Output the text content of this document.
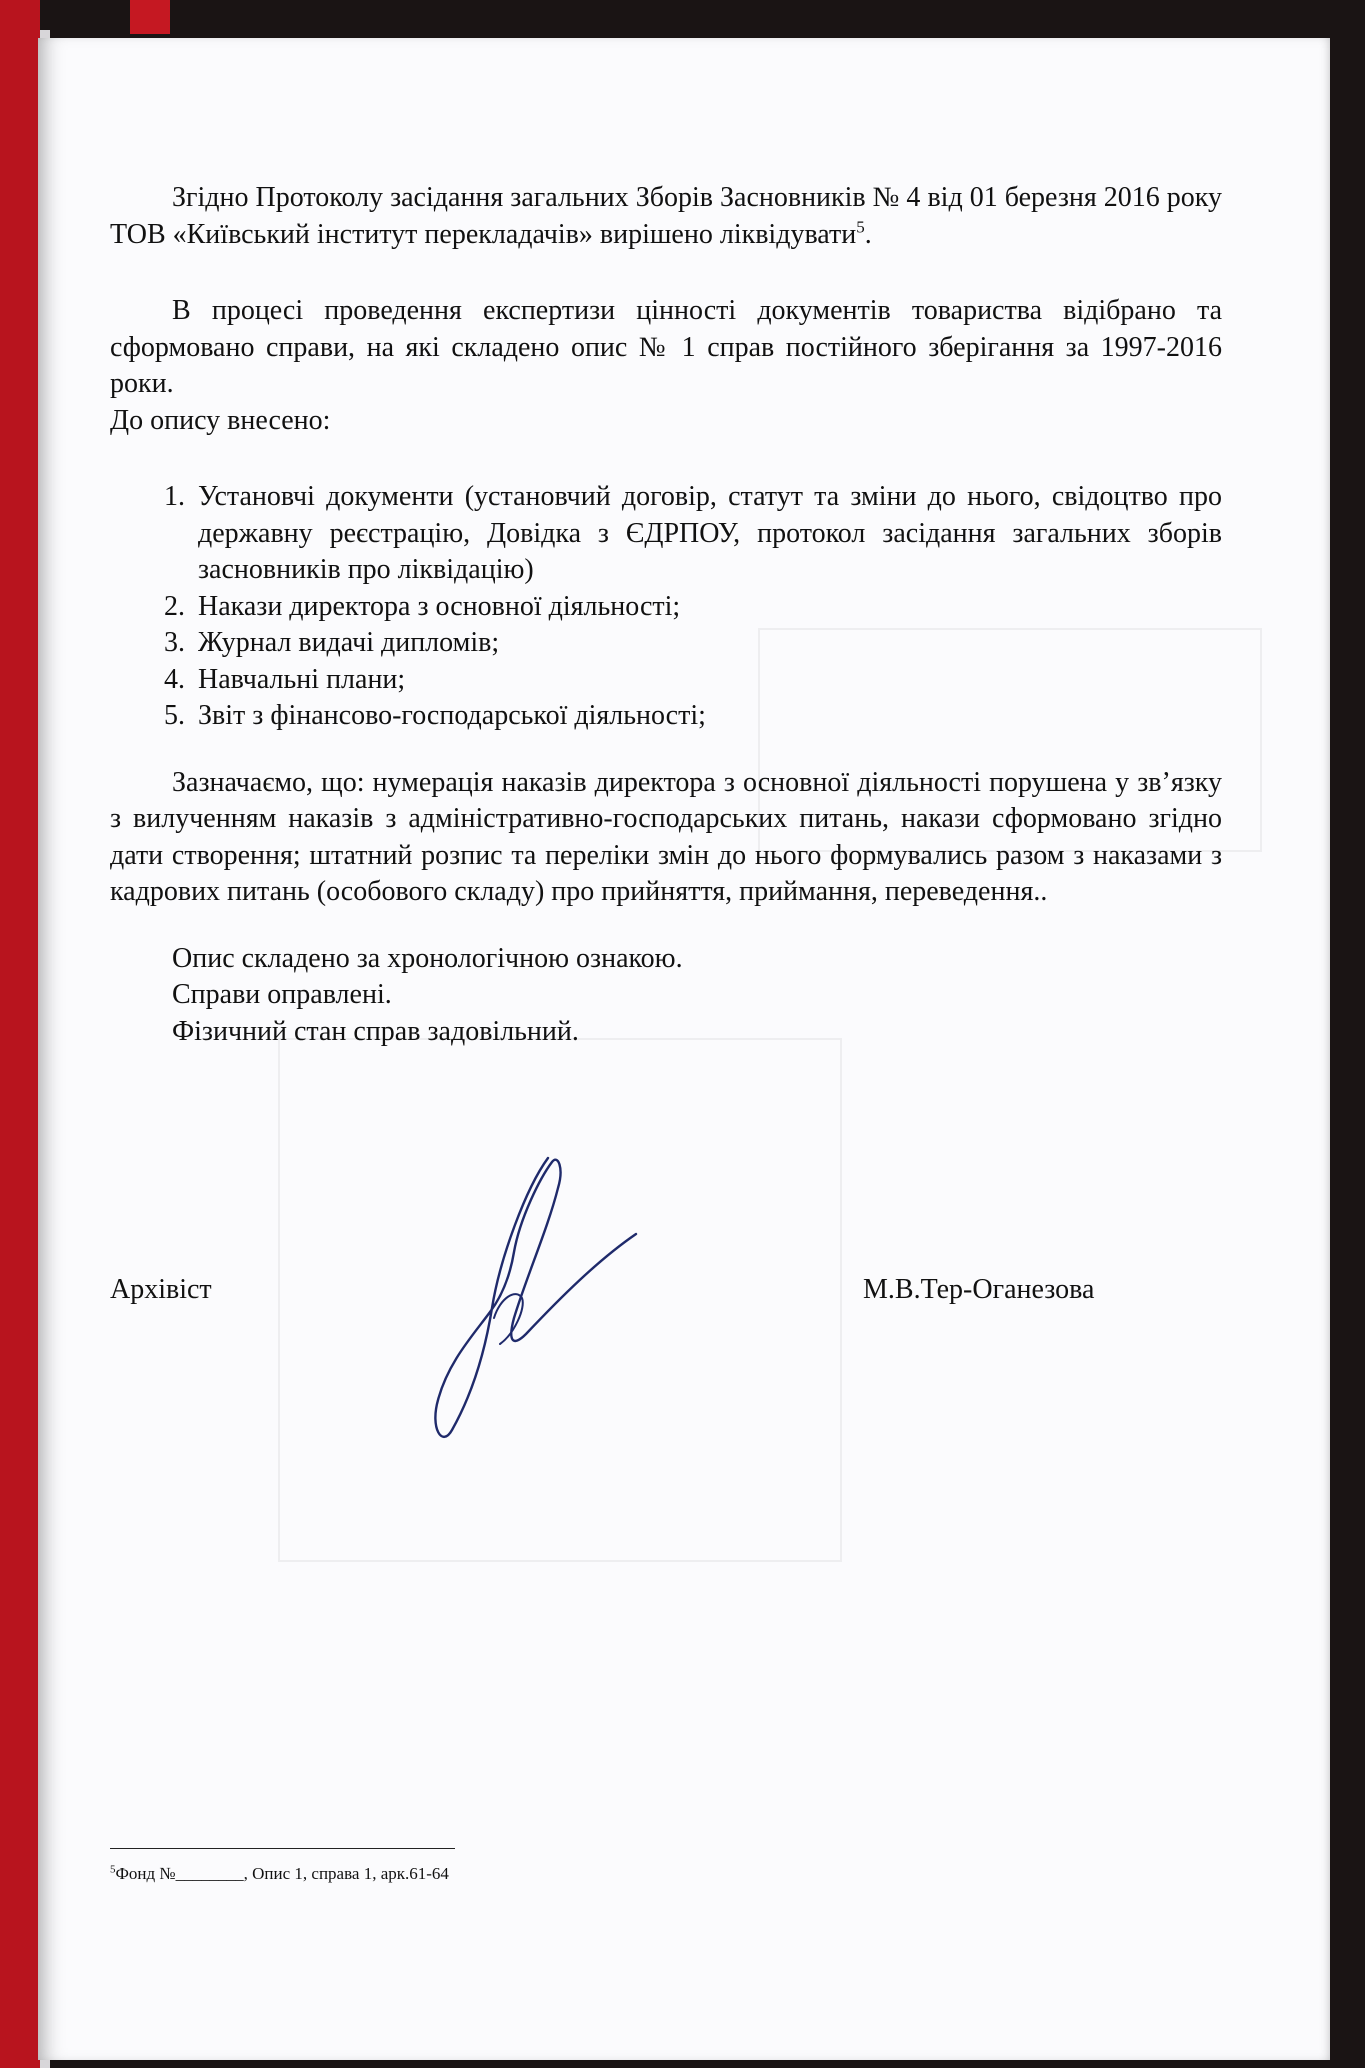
Згідно Протоколу засідання загальних Зборів Засновників № 4 від 01 березня 2016 року ТОВ «Київський інститут перекладачів» вирішено ліквідувати$^5$.

В процесі проведення експертизи цінності документів товариства відібрано та сформовано справи, на які складено опис № 1 справ постійного зберігання за 1997-2016 роки.

До опису внесено:

1. Установчі документи (установчий договір, статут та зміни до нього, свідоцтво про державну реєстрацію, Довідка з ЄДРПОУ, протокол засідання загальних зборів засновників про ліквідацію)
2. Накази директора з основної діяльності;
3. Журнал видачі дипломів;
4. Навчальні плани;
5. Звіт з фінансово-господарської діяльності;

Зазначаємо, що: нумерація наказів директора з основної діяльності порушена у зв’язку з вилученням наказів з адміністративно-господарських питань, накази сформовано згідно дати створення; штатний розпис та переліки змін до нього формувались разом з наказами з кадрових питань (особового складу) про прийняття, приймання, переведення..

Опис складено за хронологічною ознакою.

Справи оправлені.

Фізичний стан справ задовільний.

Архівіст	М.В.Тер-Оганезова
$^5$Фонд №________, Опис 1, справа 1, арк.61-64
